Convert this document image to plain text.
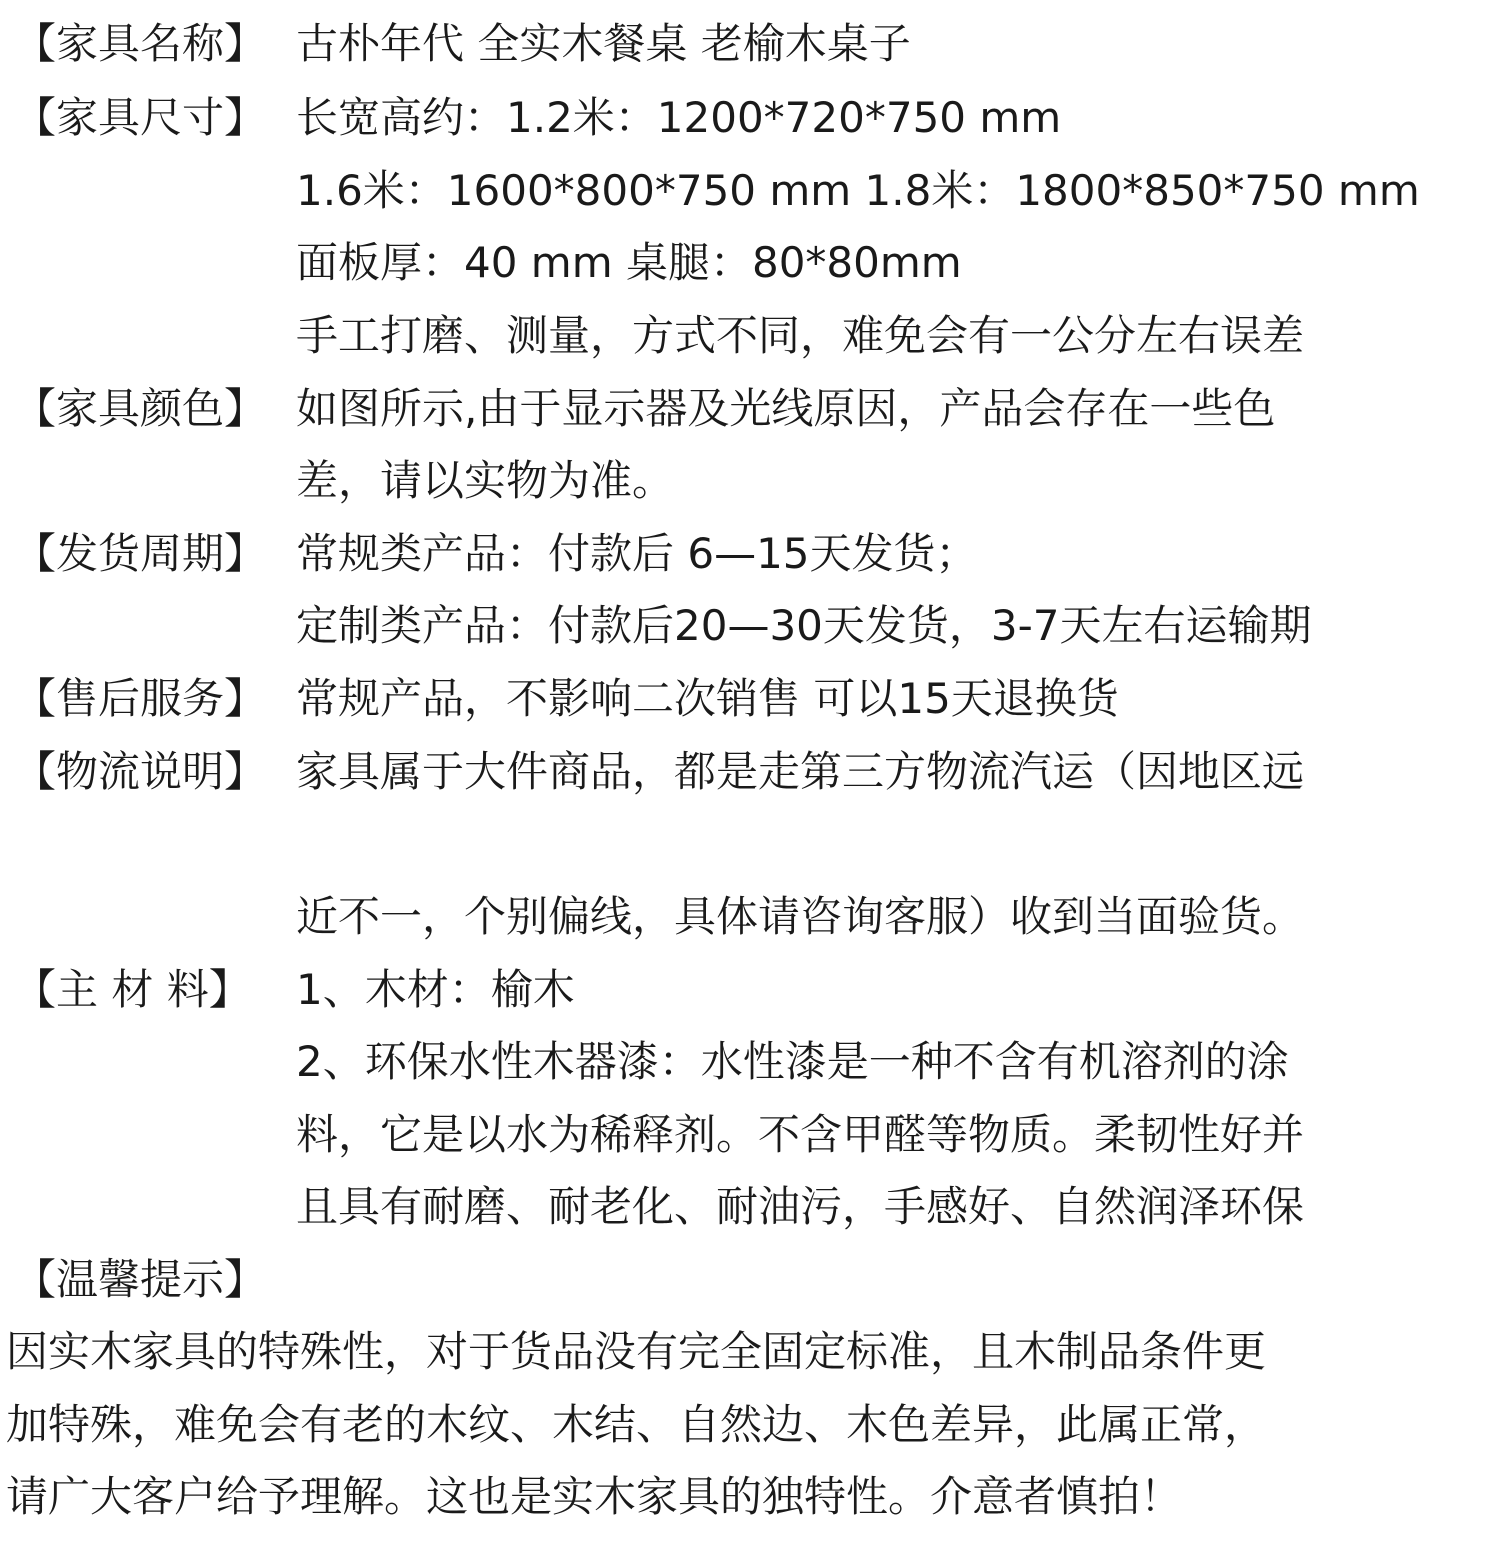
【家具名称】 古朴年代 全实木餐桌 老榆木桌子
【家具尺寸】 长宽高约：1.2米：1200*720*750 mm
1.6米：1600*800*750 mm 1.8米：1800*850*750 mm
面板厚：40 mm 桌腿：80*80mm
手工打磨、测量，方式不同，难免会有一公分左右误差
【家具颜色】 如图所示,由于显示器及光线原因，产品会存在一些色
差，请以实物为准。
【发货周期】 常规类产品：付款后 6—15天发货；
定制类产品：付款后20—30天发货，3-7天左右运输期
【售后服务】 常规产品，不影响二次销售 可以15天退换货
【物流说明】 家具属于大件商品，都是走第三方物流汽运（因地区远
近不一，个别偏线，具体请咨询客服）收到当面验货。
【主 材 料】 1、木材：榆木
2、环保水性木器漆：水性漆是一种不含有机溶剂的涂
料，它是以水为稀释剂。不含甲醛等物质。柔韧性好并
且具有耐磨、耐老化、耐油污，手感好、自然润泽环保
【温馨提示】
因实木家具的特殊性，对于货品没有完全固定标准，且木制品条件更
加特殊，难免会有老的木纹、木结、自然边、木色差异，此属正常，
请广大客户给予理解。这也是实木家具的独特性。介意者慎拍！
